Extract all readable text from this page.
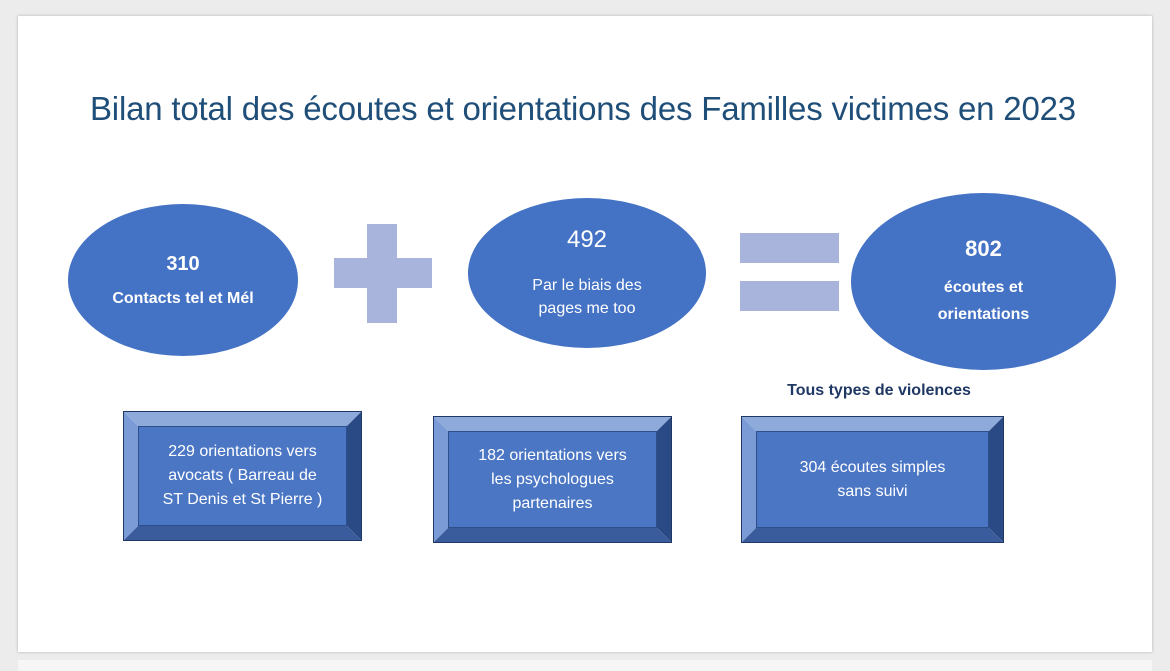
Bilan total des écoutes et orientations des Familles victimes en 2023
310
Contacts tel et Mél
492
Par le biais des
pages me too
802
écoutes et
orientations
Tous types de violences
229 orientations vers
avocats ( Barreau de
ST Denis et St Pierre )
182 orientations vers
les psychologues
partenaires
304 écoutes simples
sans suivi
